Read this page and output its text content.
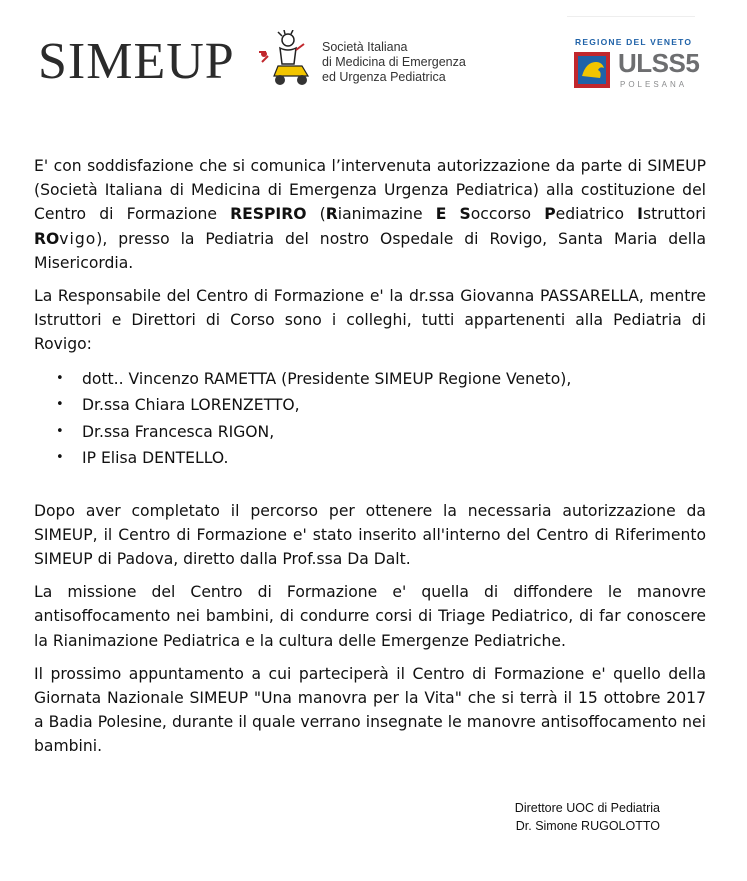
SIMEUP	Società Italiana
di Medicina di Emergenza
ed Urgenza Pediatrica
REGIONE DEL VENETO
ULSS5
POLESANA

E' con soddisfazione che si comunica l’intervenuta autorizzazione da parte di SIMEUP (Società Italiana di Medicina di Emergenza Urgenza Pediatrica) alla costituzione del Centro di Formazione RESPIRO (Rianimazine E Soccorso Pediatrico Istruttori ROvigo), presso la Pediatria del nostro Ospedale di Rovigo, Santa Maria della Misericordia.

La Responsabile del Centro di Formazione e' la dr.ssa Giovanna PASSARELLA, mentre Istruttori e Direttori di Corso sono i colleghi, tutti appartenenti alla Pediatria di Rovigo:

• dott.. Vincenzo RAMETTA (Presidente SIMEUP Regione Veneto),
• Dr.ssa Chiara LORENZETTO,
• Dr.ssa Francesca RIGON,
• IP Elisa DENTELLO.

Dopo aver completato il percorso per ottenere la necessaria autorizzazione da SIMEUP, il Centro di Formazione e' stato inserito all'interno del Centro di Riferimento SIMEUP di Padova, diretto dalla Prof.ssa Da Dalt.

La missione del Centro di Formazione e' quella di diffondere le manovre antisoffocamento nei bambini, di condurre corsi di Triage Pediatrico, di far conoscere la Rianimazione Pediatrica e la cultura delle Emergenze Pediatriche.

Il prossimo appuntamento a cui parteciperà il Centro di Formazione e' quello della Giornata Nazionale SIMEUP "Una manovra per la Vita" che si terrà il 15 ottobre 2017 a Badia Polesine, durante il quale verrano insegnate le manovre antisoffocamento nei bambini.

Direttore UOC di Pediatria
Dr. Simone RUGOLOTTO
